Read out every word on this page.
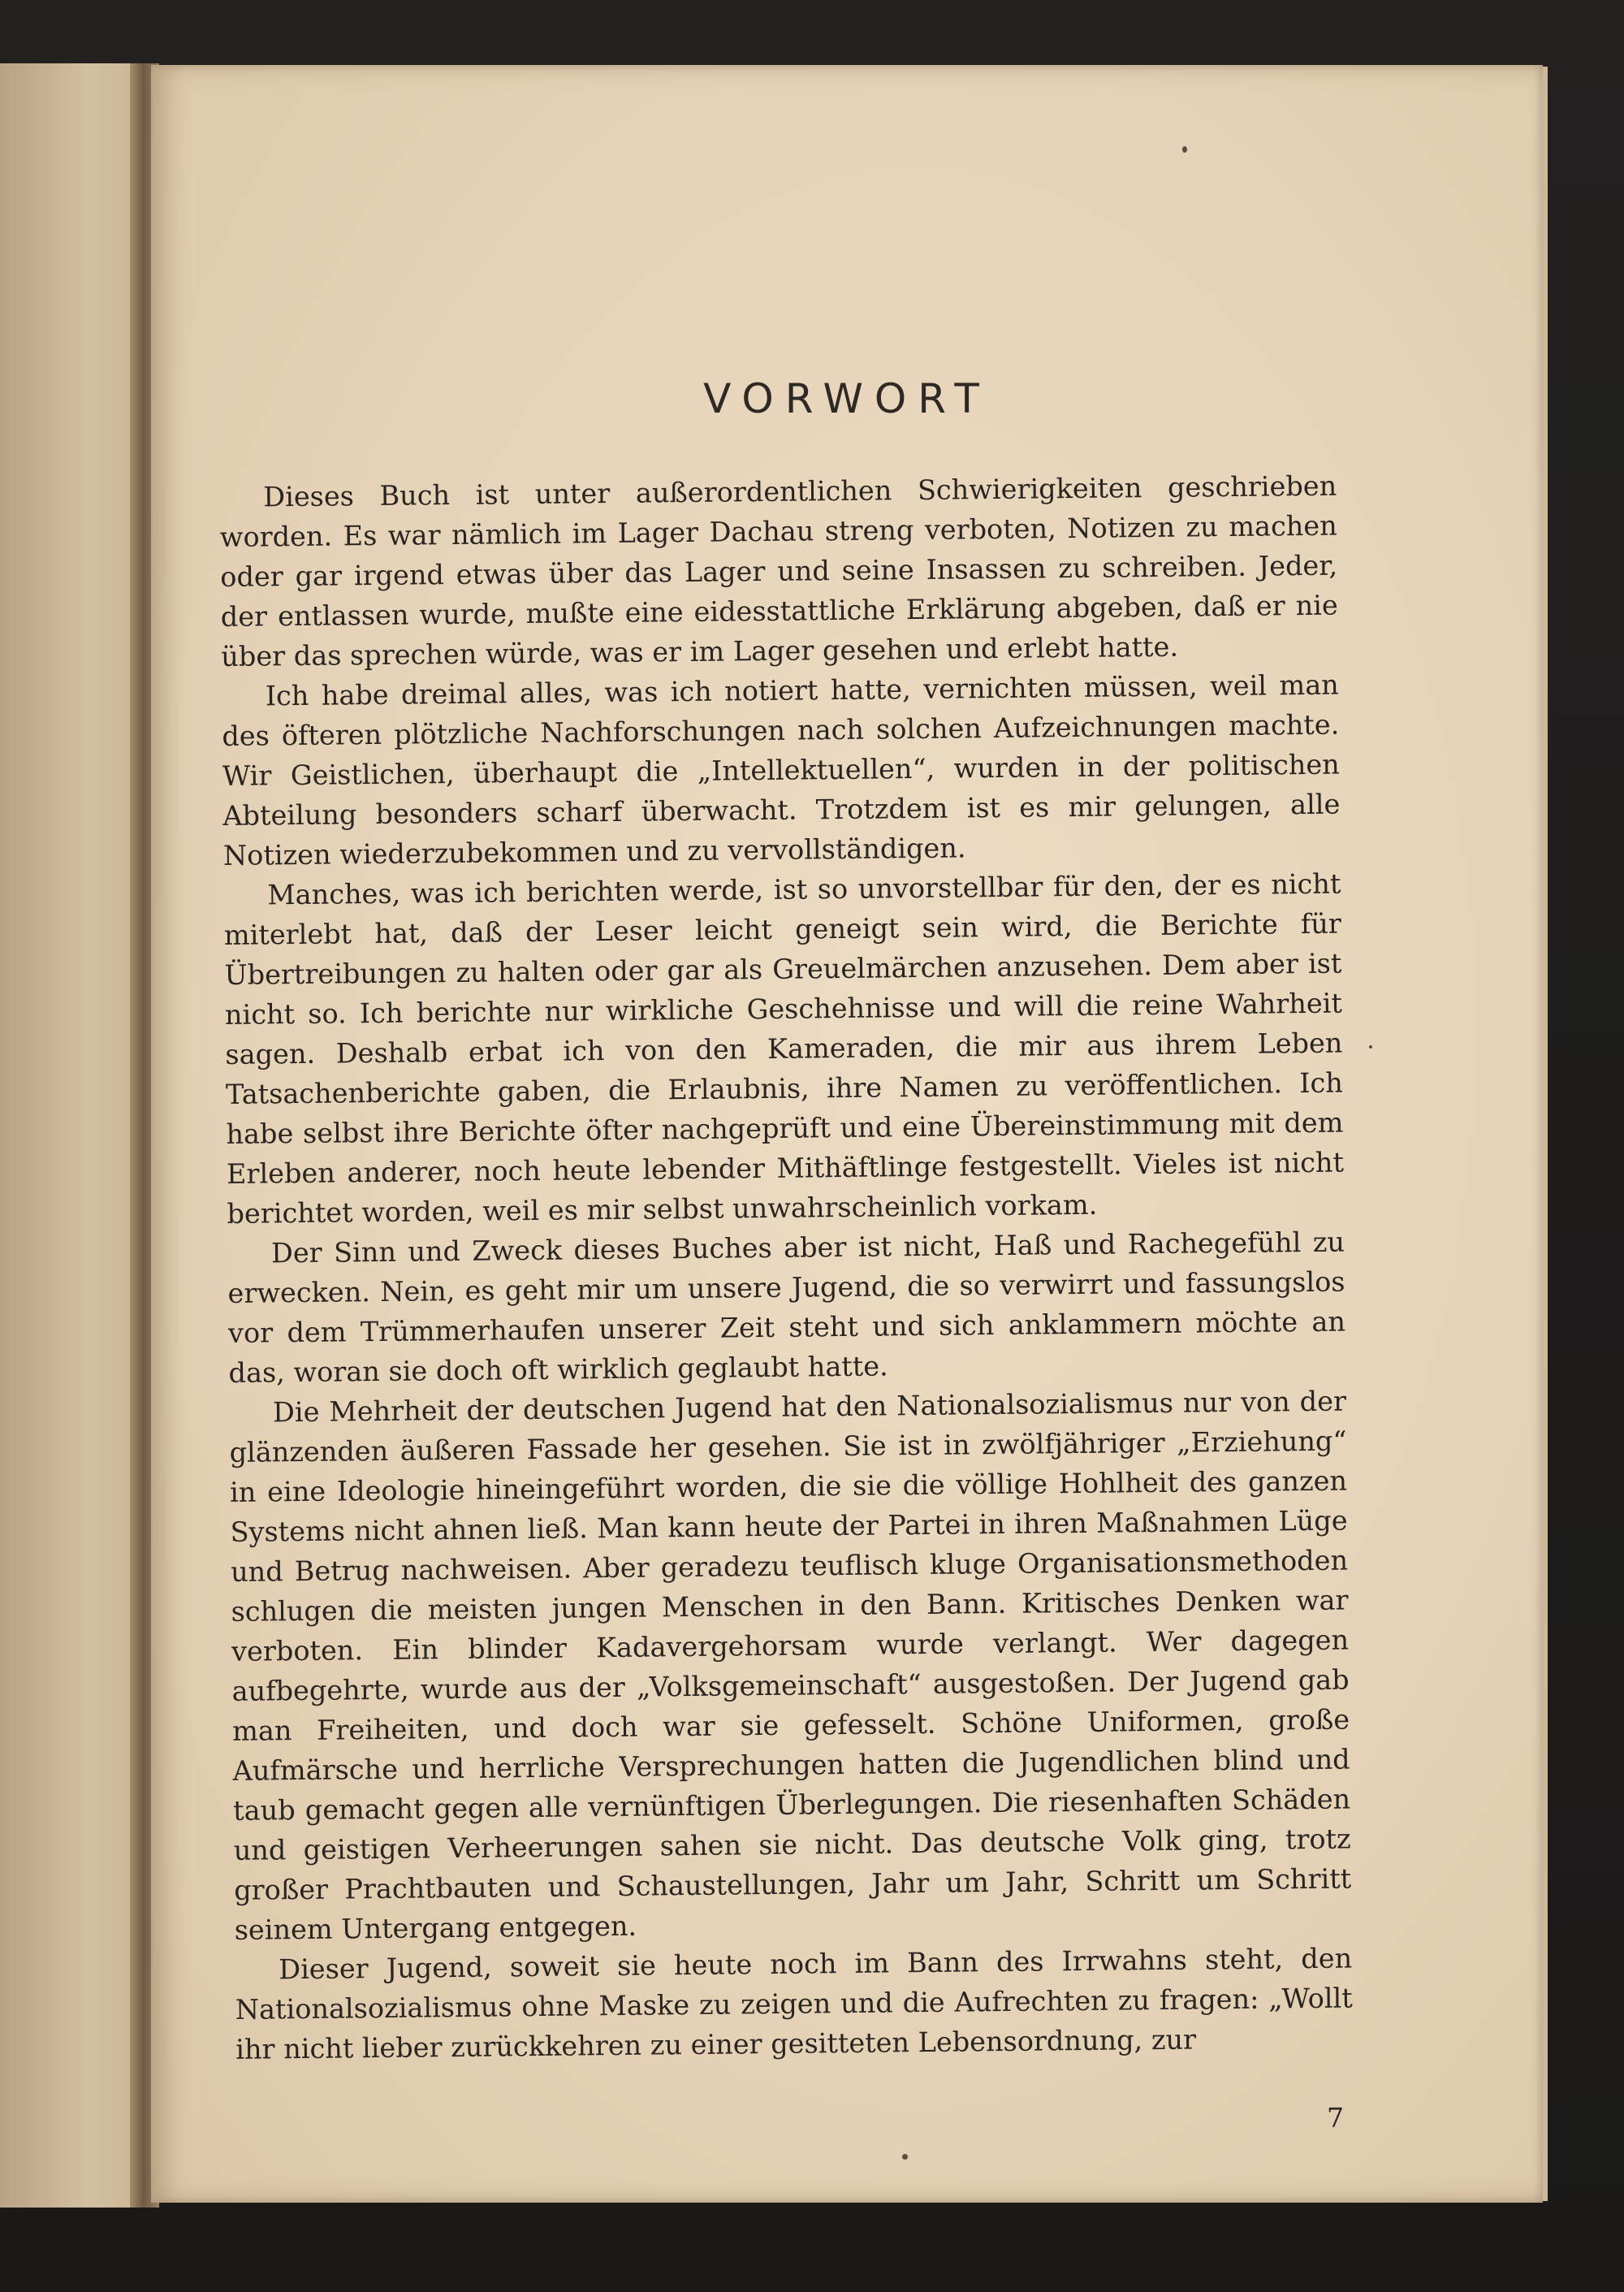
VORWORT

Dieses Buch ist unter außerordentlichen Schwierigkeiten geschrieben worden. Es war nämlich im Lager Dachau streng verboten, Notizen zu machen oder gar irgend etwas über das Lager und seine Insassen zu schreiben. Jeder, der entlassen wurde, mußte eine eidesstattliche Erklärung abgeben, daß er nie über das sprechen würde, was er im Lager gesehen und erlebt hatte.

Ich habe dreimal alles, was ich notiert hatte, vernichten müssen, weil man des öfteren plötzliche Nachforschungen nach solchen Aufzeichnungen machte. Wir Geistlichen, überhaupt die „Intellektuellen“, wurden in der politischen Abteilung besonders scharf überwacht. Trotzdem ist es mir gelungen, alle Notizen wiederzubekommen und zu vervollständigen.

Manches, was ich berichten werde, ist so unvorstellbar für den, der es nicht miterlebt hat, daß der Leser leicht geneigt sein wird, die Berichte für Übertreibungen zu halten oder gar als Greuelmärchen anzusehen. Dem aber ist nicht so. Ich berichte nur wirkliche Geschehnisse und will die reine Wahrheit sagen. Deshalb erbat ich von den Kameraden, die mir aus ihrem Leben Tatsachenberichte gaben, die Erlaubnis, ihre Namen zu veröffentlichen. Ich habe selbst ihre Berichte öfter nachgeprüft und eine Übereinstimmung mit dem Erleben anderer, noch heute lebender Mithäftlinge festgestellt. Vieles ist nicht berichtet worden, weil es mir selbst unwahrscheinlich vorkam.

Der Sinn und Zweck dieses Buches aber ist nicht, Haß und Rachegefühl zu erwecken. Nein, es geht mir um unsere Jugend, die so verwirrt und fassungslos vor dem Trümmerhaufen unserer Zeit steht und sich anklammern möchte an das, woran sie doch oft wirklich geglaubt hatte.

Die Mehrheit der deutschen Jugend hat den Nationalsozialismus nur von der glänzenden äußeren Fassade her gesehen. Sie ist in zwölfjähriger „Erziehung“ in eine Ideologie hineingeführt worden, die sie die völlige Hohlheit des ganzen Systems nicht ahnen ließ. Man kann heute der Partei in ihren Maßnahmen Lüge und Betrug nachweisen. Aber geradezu teuflisch kluge Organisationsmethoden schlugen die meisten jungen Menschen in den Bann. Kritisches Denken war verboten. Ein blinder Kadavergehorsam wurde verlangt. Wer dagegen aufbegehrte, wurde aus der „Volksgemeinschaft“ ausgestoßen. Der Jugend gab man Freiheiten, und doch war sie gefesselt. Schöne Uniformen, große Aufmärsche und herrliche Versprechungen hatten die Jugendlichen blind und taub gemacht gegen alle vernünftigen Überlegungen. Die riesenhaften Schäden und geistigen Verheerungen sahen sie nicht. Das deutsche Volk ging, trotz großer Prachtbauten und Schaustellungen, Jahr um Jahr, Schritt um Schritt seinem Untergang entgegen.

Dieser Jugend, soweit sie heute noch im Bann des Irrwahns steht, den Nationalsozialismus ohne Maske zu zeigen und die Aufrechten zu fragen: „Wollt ihr nicht lieber zurückkehren zu einer gesitteten Lebensordnung, zur

7
